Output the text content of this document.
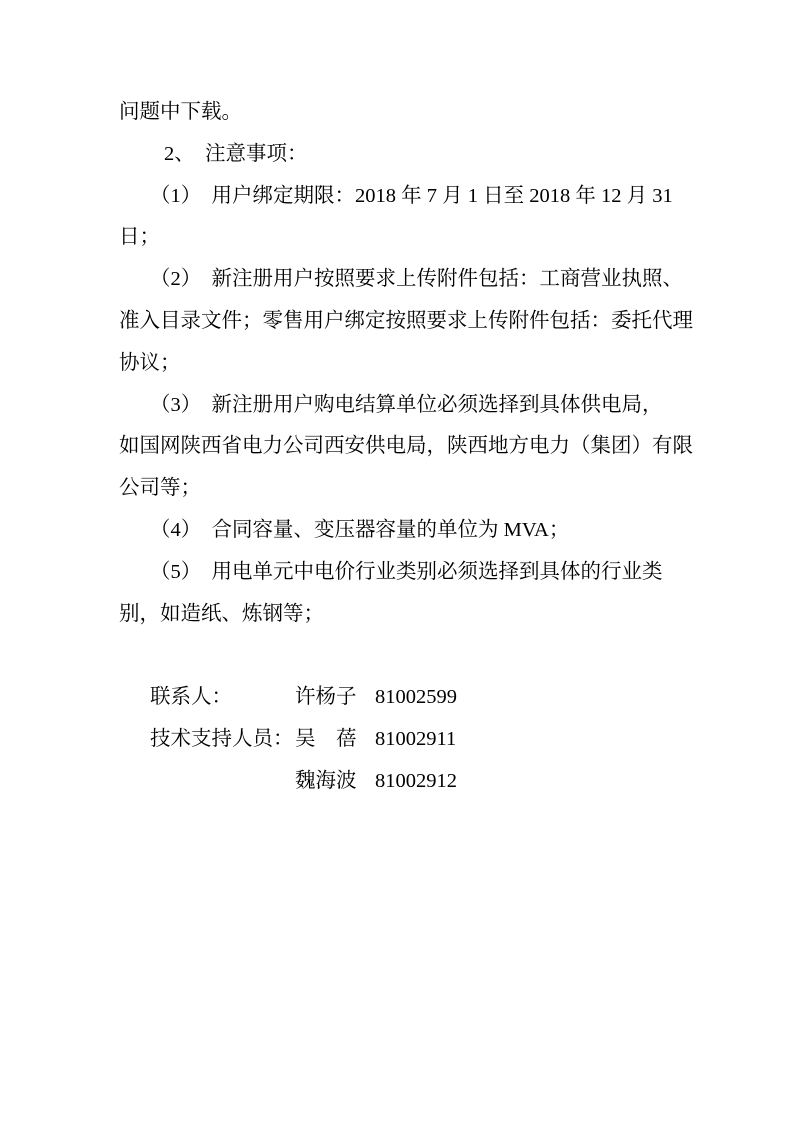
问题中下载。
2、　注意事项：
（1）  用户绑定期限：2018 年 7 月 1 日至 2018 年 12 月 31
日；
（2）  新注册用户按照要求上传附件包括：工商营业执照、
准入目录文件；零售用户绑定按照要求上传附件包括：委托代理
协议；
（3）  新注册用户购电结算单位必须选择到具体供电局，
如国网陕西省电力公司西安供电局，陕西地方电力（集团）有限
公司等；
（4）  合同容量、变压器容量的单位为 MVA；
（5）  用电单元中电价行业类别必须选择到具体的行业类
别，如造纸、炼钢等；
联系人：	许杨子 81002599
技术支持人员： 吴　蓓 81002911
魏海波 81002912
